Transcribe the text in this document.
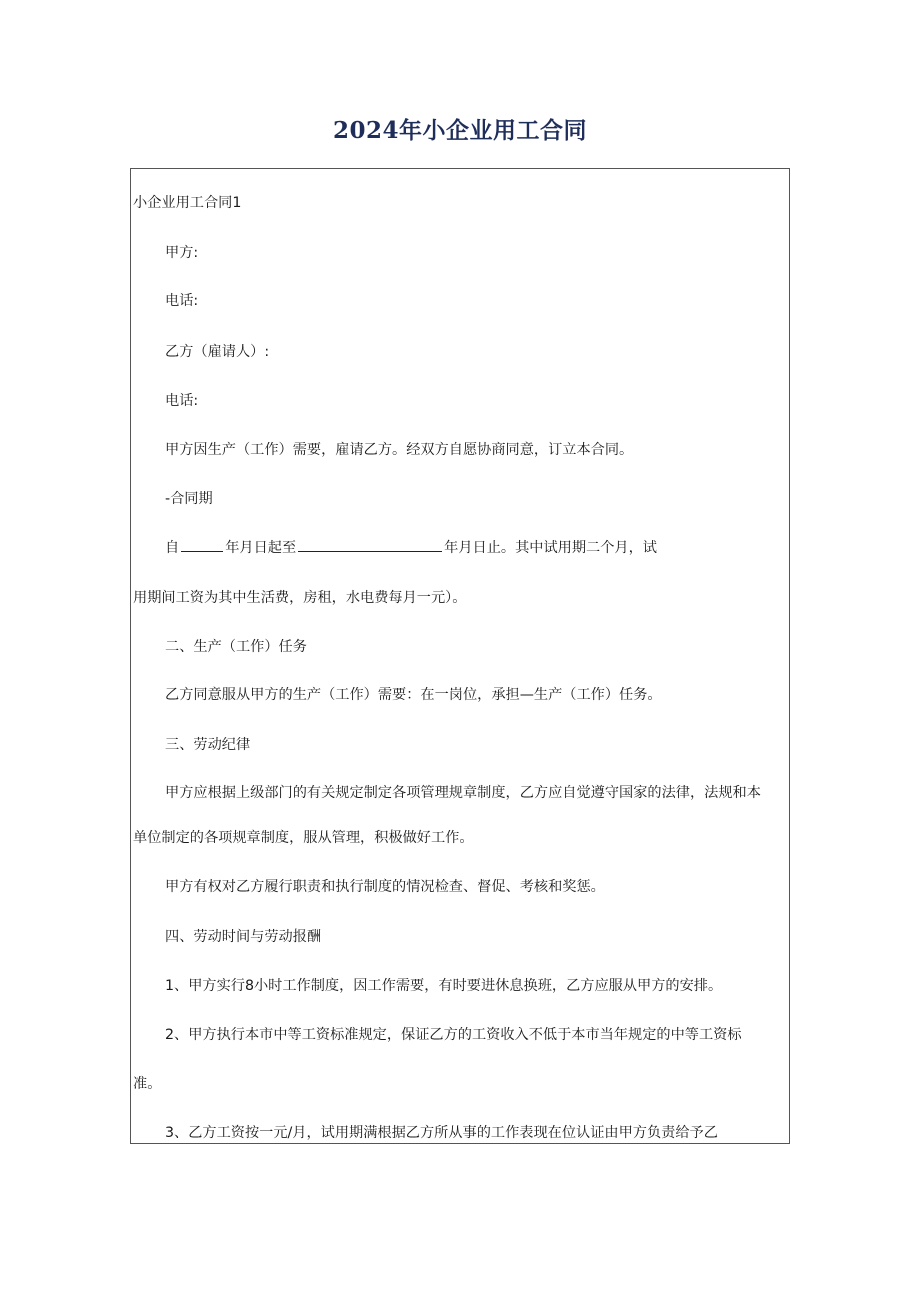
2024年小企业用工合同
小企业用工合同1
甲方:
电话:
乙方（雇请人）:
电话:
甲方因生产（工作）需要，雇请乙方。经双方自愿协商同意，订立本合同。
-合同期
自	年月日起至	年月日止。其中试用期二个月，试
用期间工资为其中生活费，房租，水电费每月一元）。
二、生产（工作）任务
乙方同意服从甲方的生产（工作）需要：在一岗位，承担—生产（工作）任务。
三、劳动纪律
甲方应根据上级部门的有关规定制定各项管理规章制度，乙方应自觉遵守国家的法律，法规和本
单位制定的各项规章制度，服从管理，积极做好工作。
甲方有权对乙方履行职责和执行制度的情况检查、督促、考核和奖惩。
四、劳动时间与劳动报酬
1、甲方实行8小时工作制度，因工作需要，有时要进休息换班，乙方应服从甲方的安排。
2、甲方执行本市中等工资标准规定，保证乙方的工资收入不低于本市当年规定的中等工资标
准。
3、乙方工资按一元/月，试用期满根据乙方所从事的工作表现在位认证由甲方负责给予乙
